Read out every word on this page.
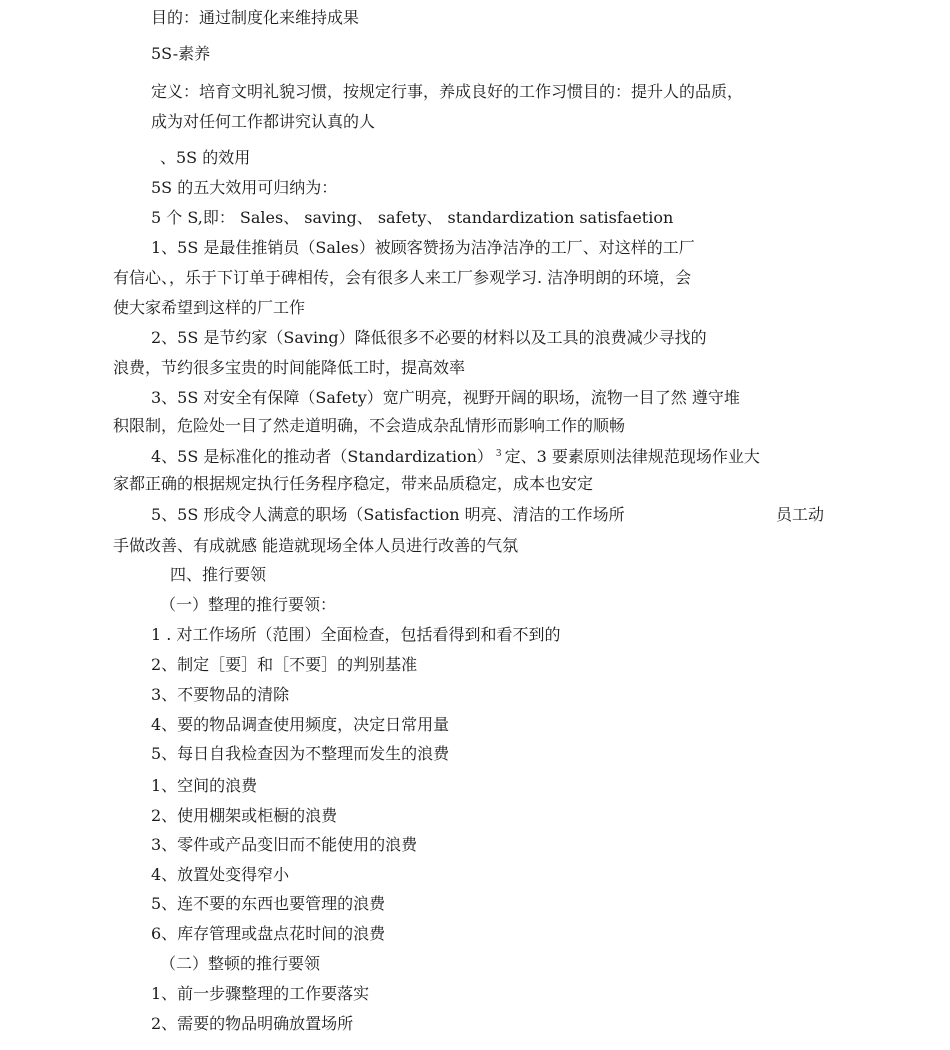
目的：通过制度化来维持成果
5S-素养
定义：培育文明礼貌习惯，按规定行事，养成良好的工作习惯目的：提升人的品质，
成为对任何工作都讲究认真的人
、5S 的效用
5S 的五大效用可归纳为：
5 个 S,即： Sales、 saving、 safety、 standardization satisfaetion
1、5S 是最佳推销员（Sales）被顾客赞扬为洁净洁净的工厂、对这样的工厂
有信心、，乐于下订单于碑相传，会有很多人来工厂参观学习. 洁净明朗的环境，会
使大家希望到这样的厂工作
2、5S 是节约家（Saving）降低很多不必要的材料以及工具的浪费减少寻找的
浪费，节约很多宝贵的时间能降低工时，提高效率
3、5S 对安全有保障（Safety）宽广明亮，视野开阔的职场，流物一目了然 遵守堆
积限制，危险处一目了然走道明确，不会造成杂乱情形而影响工作的顺畅
4、5S 是标准化的推动者（Standardization） $^3$ 定、3 要素原则法律规范现场作业大
家都正确的根据规定执行任务程序稳定，带来品质稳定，成本也安定
5、5S 形成令人满意的职场（Satisfaction 明亮、清洁的工作场所	员工动
手做改善、有成就感 能造就现场全体人员进行改善的气氛
四、推行要领
（一）整理的推行要领：
1 . 对工作场所（范围）全面检查，包括看得到和看不到的
2、制定［要］和［不要］的判别基准
3、不要物品的清除
4、要的物品调查使用频度，决定日常用量
5、每日自我检查因为不整理而发生的浪费
1、空间的浪费
2、使用棚架或柜橱的浪费
3、零件或产品变旧而不能使用的浪费
4、放置处变得窄小
5、连不要的东西也要管理的浪费
6、库存管理或盘点花时间的浪费
（二）整顿的推行要领
1、前一步骤整理的工作要落实
2、需要的物品明确放置场所
